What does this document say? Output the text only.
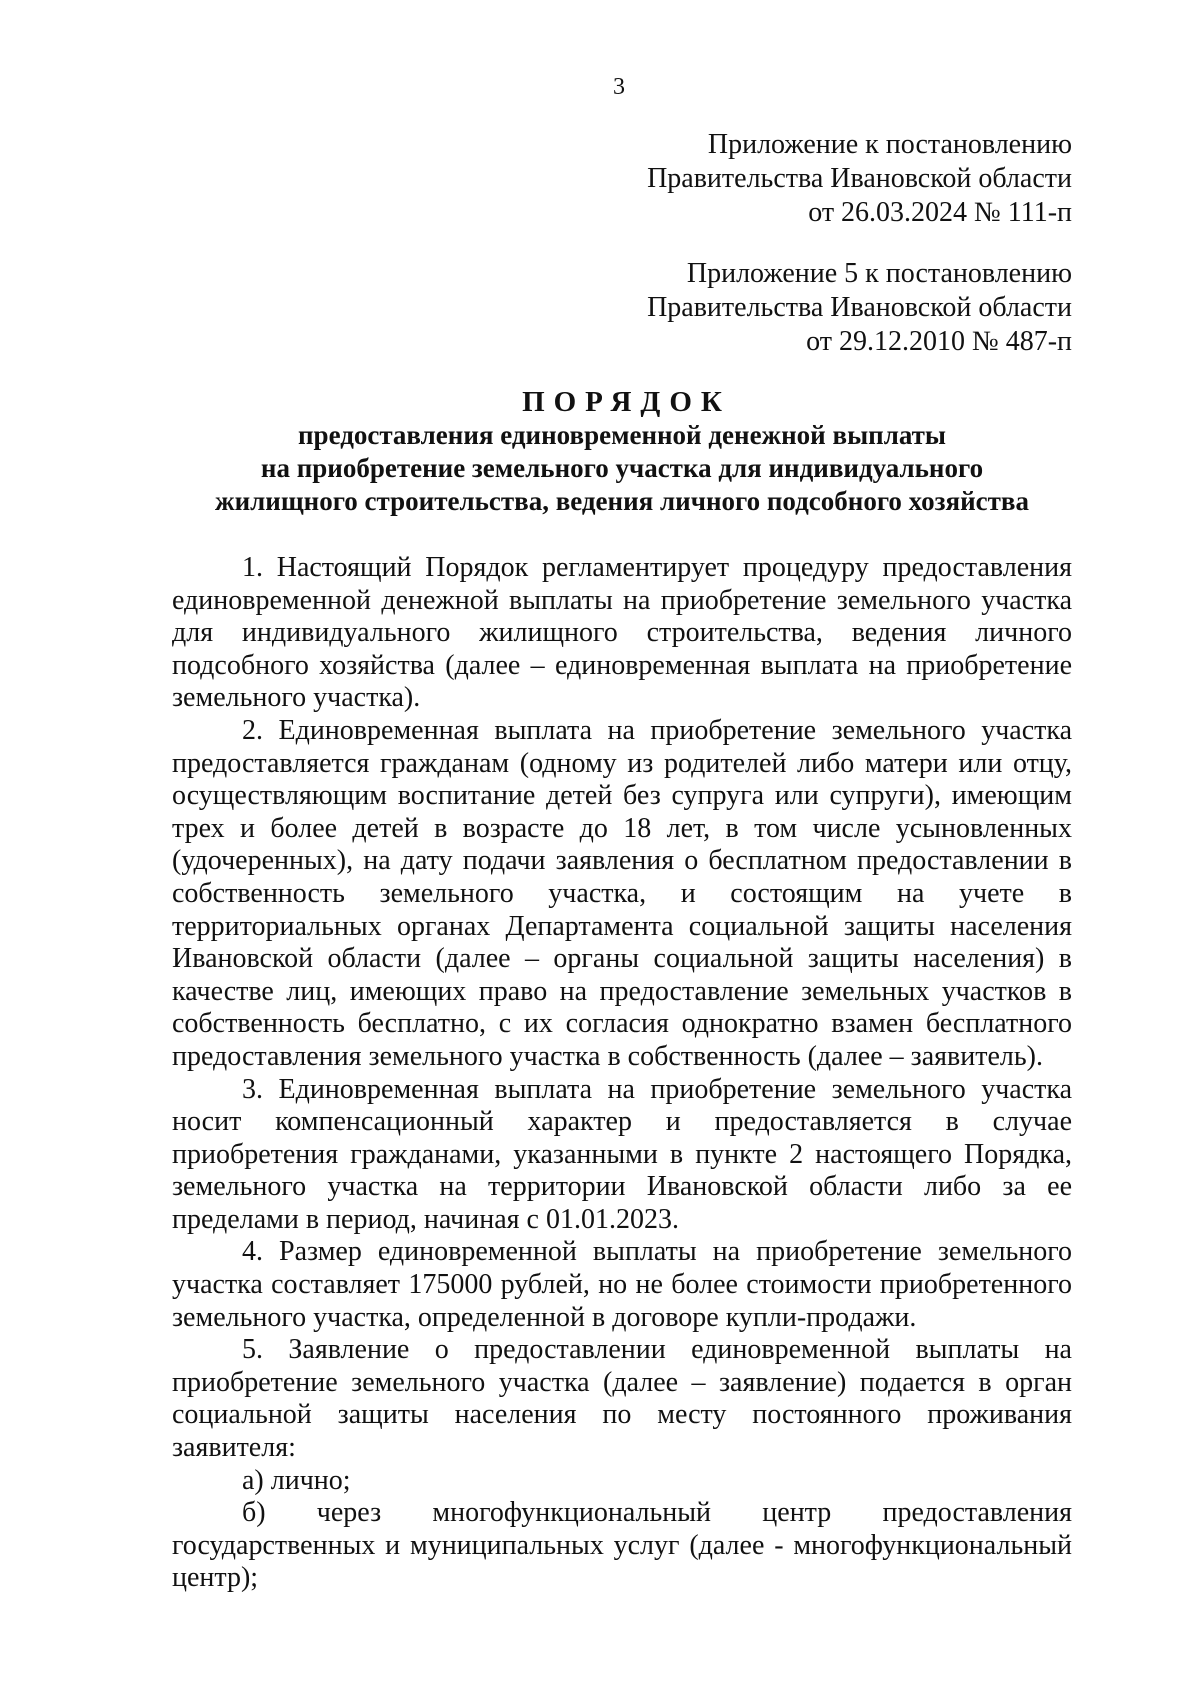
3
Приложение к постановлению
Правительства Ивановской области
от 26.03.2024 № 111-п
Приложение 5 к постановлению
Правительства Ивановской области
от 29.12.2010 № 487-п
ПОРЯДОК
предоставления единовременной денежной выплаты
на приобретение земельного участка для индивидуального
жилищного строительства, ведения личного подсобного хозяйства

1. Настоящий Порядок регламентирует процедуру предоставления единовременной денежной выплаты на приобретение земельного участка для индивидуального жилищного строительства, ведения личного подсобного хозяйства (далее – единовременная выплата на приобретение земельного участка).

2. Единовременная выплата на приобретение земельного участка предоставляется гражданам (одному из родителей либо матери или отцу, осуществляющим воспитание детей без супруга или супруги), имеющим трех и более детей в возрасте до 18 лет, в том числе усыновленных (удочеренных), на дату подачи заявления о бесплатном предоставлении в собственность земельного участка, и состоящим на учете в территориальных органах Департамента социальной защиты населения Ивановской области (далее – органы социальной защиты населения) в качестве лиц, имеющих право на предоставление земельных участков в собственность бесплатно, с их согласия однократно взамен бесплатного предоставления земельного участка в собственность (далее – заявитель).

3. Единовременная выплата на приобретение земельного участка носит компенсационный характер и предоставляется в случае приобретения гражданами, указанными в пункте 2 настоящего Порядка, земельного участка на территории Ивановской области либо за ее пределами в период, начиная с 01.01.2023.

4. Размер единовременной выплаты на приобретение земельного участка составляет 175000 рублей, но не более стоимости приобретенного земельного участка, определенной в договоре купли-продажи.

5. Заявление о предоставлении единовременной выплаты на приобретение земельного участка (далее – заявление) подается в орган социальной защиты населения по месту постоянного проживания заявителя:

а) лично;

б) через многофункциональный центр предоставления государственных и муниципальных услуг (далее - многофункциональный центр);
